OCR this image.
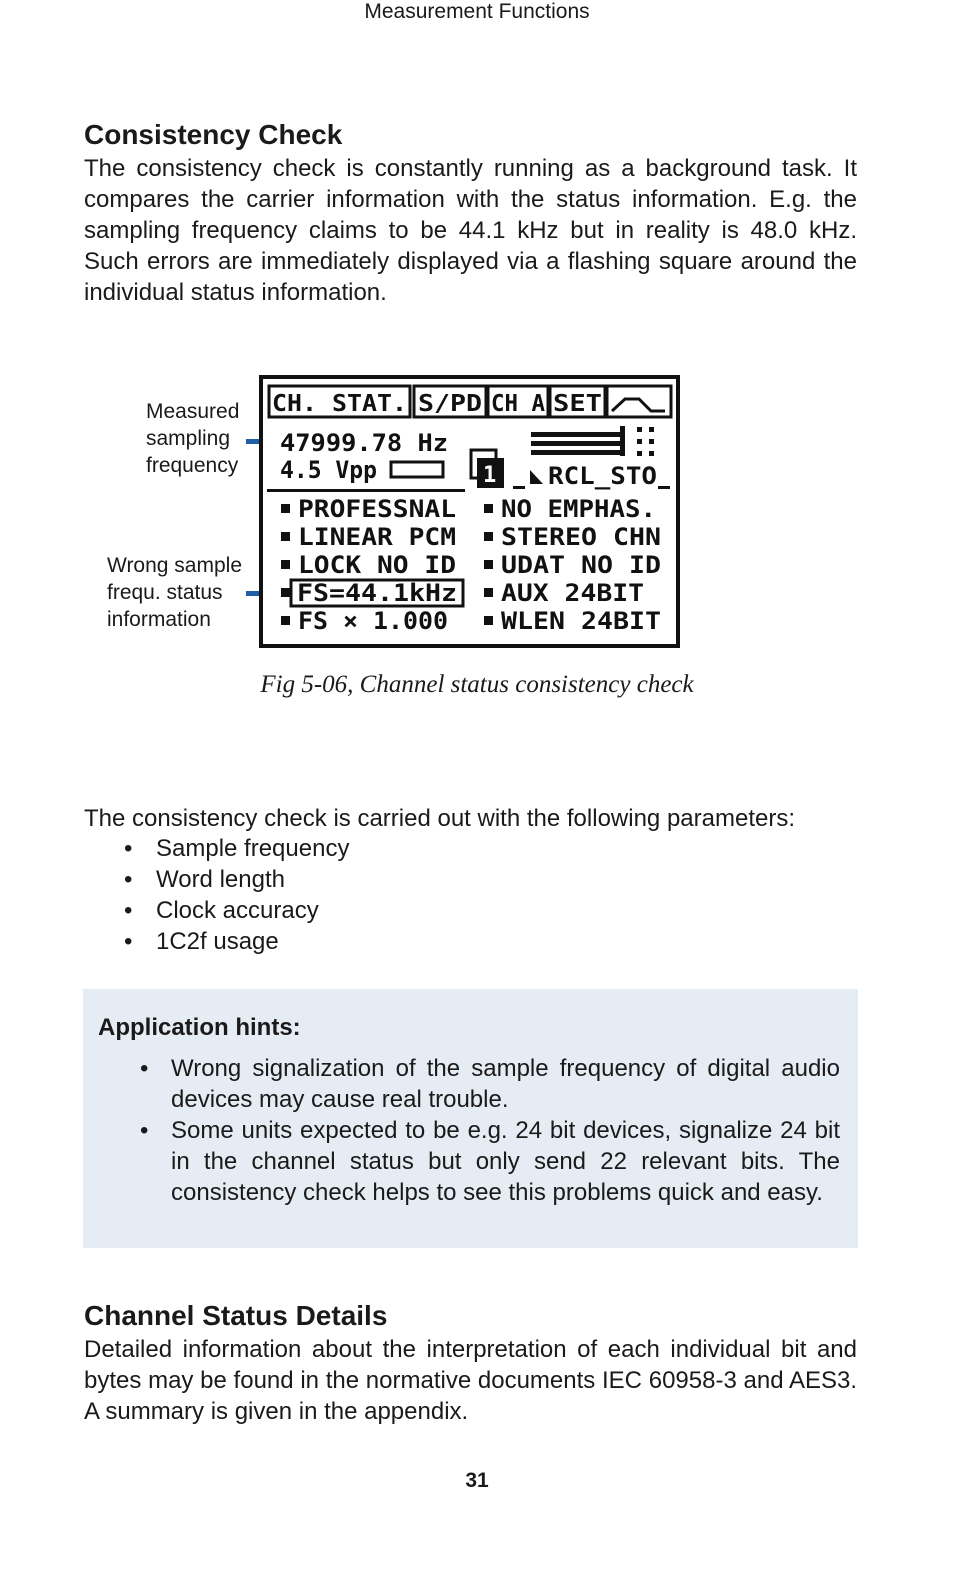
Measurement Functions
Consistency Check

The consistency check is constantly running as a background task. It compares the carrier information with the status information. E.g. the sampling frequency claims to be 44.1 kHz but in reality is 48.0 kHz. Such errors are immediately displayed via a flashing square around the individual status information.

Measured
sampling
frequency
Wrong sample
frequ. status
information
CH. STAT. S/PD CH A SET
47999.78 Hz
4.5 Vpp	1 RCL_STO
PROFESSNAL
LINEAR PCM
LOCK NO ID
FS=44.1kHz
FS × 1.000
NO EMPHAS.
STEREO CHN
UDAT NO ID
AUX 24BIT
WLEN 24BIT
Fig 5-06, Channel status consistency check

The consistency check is carried out with the following parameters:

• Sample frequency
• Word length
• Clock accuracy
• 1C2f usage
Application hints:
• Wrong signalization of the sample frequency of digital audio devices may cause real trouble.
• Some units expected to be e.g. 24 bit devices, signalize 24 bit in the channel status but only send 22 relevant bits. The consistency check helps to see this problems quick and easy.
Channel Status Details

Detailed information about the interpretation of each individual bit and bytes may be found in the normative documents IEC 60958-3 and AES3. A summary is given in the appendix.

31
